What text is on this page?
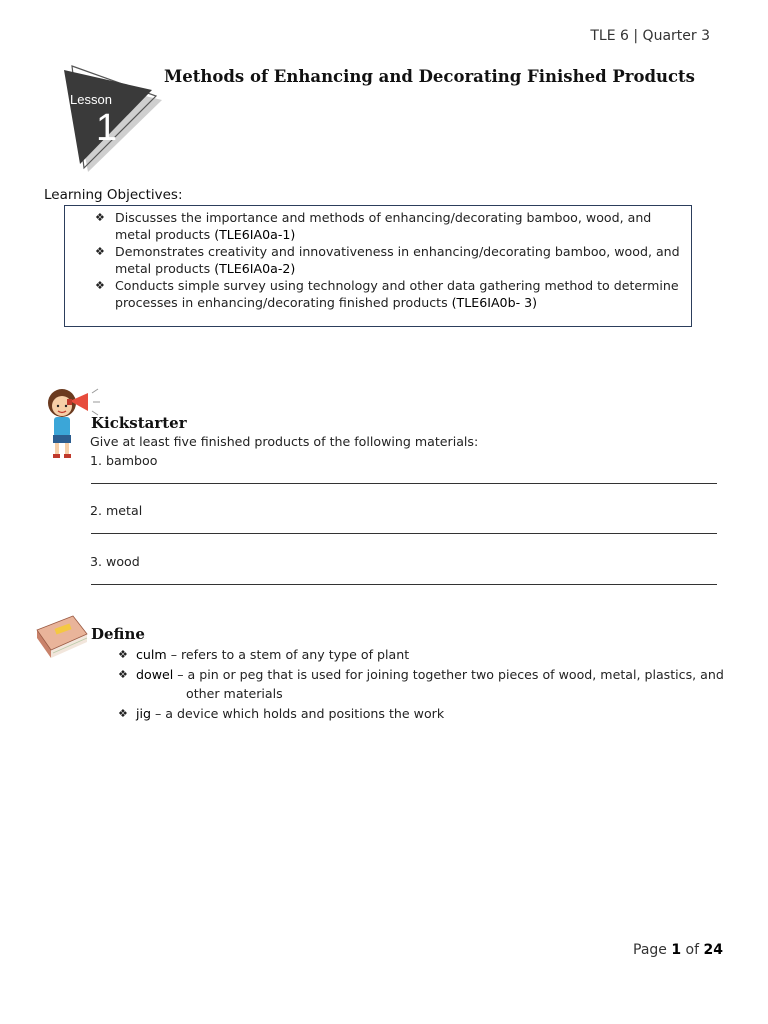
TLE 6 | Quarter 3
Lesson
1
Methods of Enhancing and Decorating Finished Products
Learning Objectives:
❖ Discusses the importance and methods of enhancing/decorating bamboo, wood, and metal products (TLE6IA0a-1)
❖ Demonstrates creativity and innovativeness in enhancing/decorating bamboo, wood, and metal products (TLE6IA0a-2)
❖ Conducts simple survey using technology and other data gathering method to determine processes in enhancing/decorating finished products (TLE6IA0b- 3)
Kickstarter
Give at least five finished products of the following materials:
1. bamboo
2. metal
3. wood
Define
❖ culm – refers to a stem of any type of plant
❖ dowel – a pin or peg that is used for joining together two pieces of wood, metal, plastics, and
other materials
❖ jig – a device which holds and positions the work
Page 1 of 24
